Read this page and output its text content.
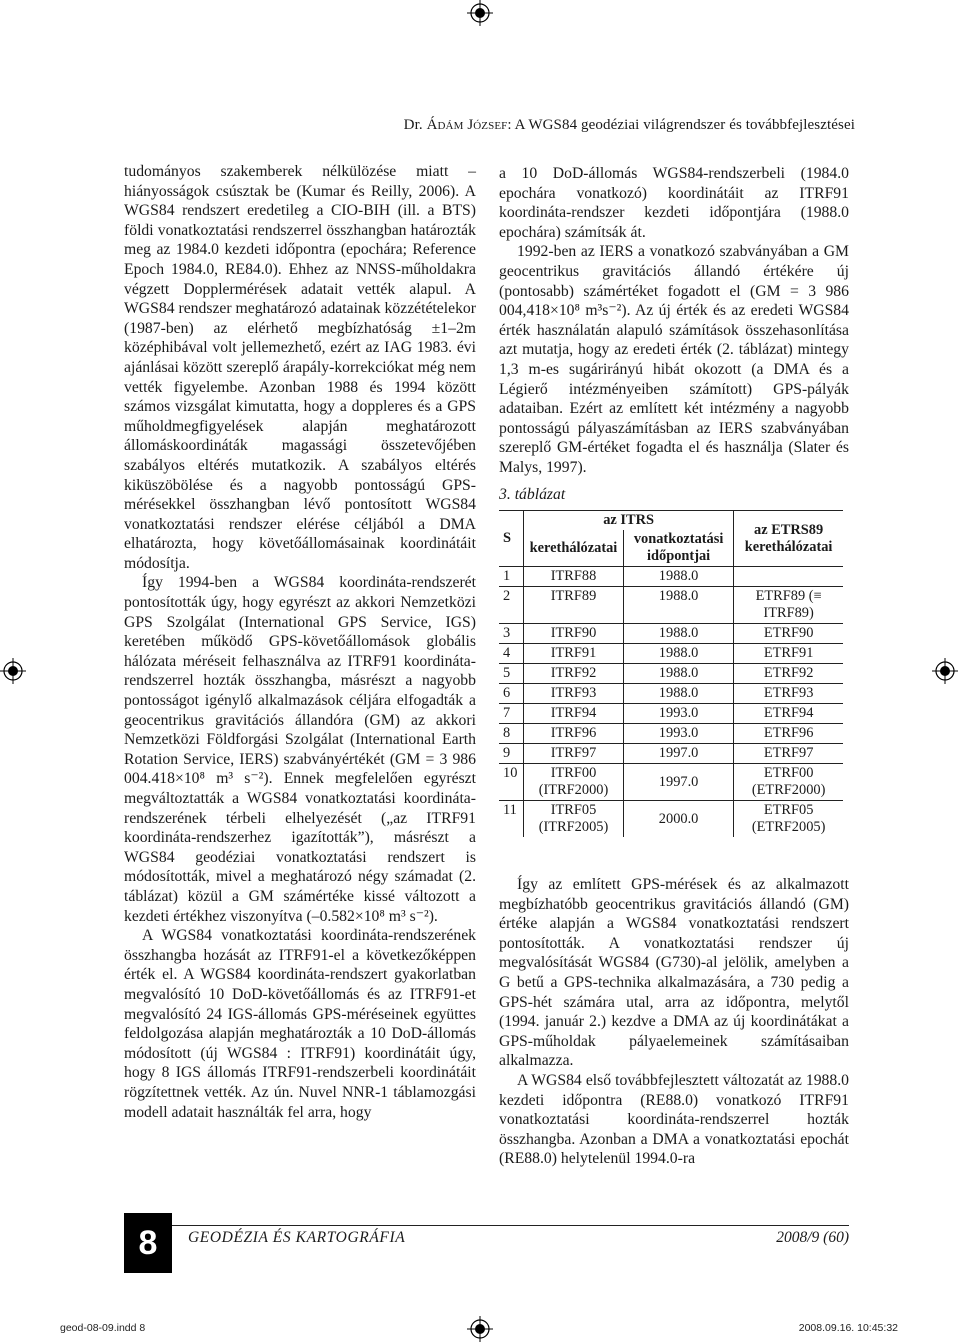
Dr. Ádám József: A WGS84 geodéziai világrendszer és továbbfejlesztései

tudományos szakemberek nélkülözése miatt – hiányosságok csúsztak be (Kumar és Reilly, 2006). A WGS84 rendszert eredetileg a CIO-BIH (ill. a BTS) földi vonatkoztatási rendszerrel összhangban határozták meg az 1984.0 kezdeti időpontra (epochára; Reference Epoch 1984.0, RE84.0). Ehhez az NNSS-műholdakra végzett Dopplermérések adatait vették alapul. A WGS84 rendszer meghatározó adatainak közzétételekor (1987-ben) az elérhető megbízhatóság ±1–2m középhibával volt jellemezhető, ezért az IAG 1983. évi ajánlásai között szereplő árapály-korrekciókat még nem vették figyelembe. Azonban 1988 és 1994 között számos vizsgálat kimutatta, hogy a doppleres és a GPS műholdmegfigyelések alapján meghatározott állomáskoordináták magassági összetevőjében szabályos eltérés mutatkozik. A szabályos eltérés kiküszöbölése és a nagyobb pontosságú GPS-mérésekkel összhangban lévő pontosított WGS84 vonatkoztatási rendszer elérése céljából a DMA elhatározta, hogy követőállomásainak koordinátáit módosítja.

Így 1994-ben a WGS84 koordináta-rendszerét pontosították úgy, hogy egyrészt az akkori Nemzetközi GPS Szolgálat (International GPS Service, IGS) keretében működő GPS-követőállomások globális hálózata méréseit felhasználva az ITRF91 koordináta-rendszerrel hozták összhangba, másrészt a nagyobb pontosságot igénylő alkalmazások céljára elfogadták a geocentrikus gravitációs állandóra (GM) az akkori Nemzetközi Földforgási Szolgálat (International Earth Rotation Service, IERS) szabványértékét (GM = 3 986 004.418×10⁸ m³ s⁻²). Ennek megfelelően egyrészt megváltoztatták a WGS84 vonatkoztatási koordináta-rendszerének térbeli elhelyezését („az ITRF91 koordináta-rendszerhez igazították”), másrészt a WGS84 geodéziai vonatkoztatási rendszert is módosították, mivel a meghatározó négy számadat (2. táblázat) közül a GM számértéke kissé változott a kezdeti értékhez viszonyítva (–0.582×10⁸ m³ s⁻²).

A WGS84 vonatkoztatási koordináta-rendszerének összhangba hozását az ITRF91-el a következőképpen érték el. A WGS84 koordináta-rendszert gyakorlatban megvalósító 10 DoD-követőállomás és az ITRF91-et megvalósító 24 IGS-állomás GPS-méréseinek együttes feldolgozása alapján meghatározták a 10 DoD-állomás módosított (új WGS84 : ITRF91) koordinátáit úgy, hogy 8 IGS állomás ITRF91-rendszerbeli koordinátáit rögzítettnek vették. Az ún. Nuvel NNR-1 táblamozgási modell adatait használták fel arra, hogy

a 10 DoD-állomás WGS84-rendszerbeli (1984.0 epochára vonatkozó) koordinátáit az ITRF91 koordináta-rendszer kezdeti időpontjára (1988.0 epochára) számítsák át.

1992-ben az IERS a vonatkozó szabványában a GM geocentrikus gravitációs állandó értékére új (pontosabb) számértéket fogadott el (GM = 3 986 004,418×10⁸ m³s⁻²). Az új érték és az eredeti WGS84 érték használatán alapuló számítások összehasonlítása azt mutatja, hogy az eredeti érték (2. táblázat) mintegy 1,3 m-es sugárirányú hibát okozott (a DMA és a Légierő intézményeiben számított) GPS-pályák adataiban. Ezért az említett két intézmény a nagyobb pontosságú pályaszámításban az IERS szabványában szereplő GM-értéket fogadta el és használja (Slater és Malys, 1997).

3. táblázat
S	az ITRS		az ETRS89 kerethálózatai
	kerethálózatai	vonatkoztatási időpontjai	
1	ITRF88	1988.0	
2	ITRF89	1988.0	ETRF89 (≡ ITRF89)
3	ITRF90	1988.0	ETRF90
4	ITRF91	1988.0	ETRF91
5	ITRF92	1988.0	ETRF92
6	ITRF93	1988.0	ETRF93
7	ITRF94	1993.0	ETRF94
8	ITRF96	1993.0	ETRF96
9	ITRF97	1997.0	ETRF97
10	ITRF00 (ITRF2000)	1997.0	ETRF00 (ETRF2000)
11	ITRF05 (ITRF2005)	2000.0	ETRF05 (ETRF2005)

Így az említett GPS-mérések és az alkalmazott megbízhatóbb geocentrikus gravitációs állandó (GM) értéke alapján a WGS84 vonatkoztatási rendszert pontosították. A vonatkoztatási rendszer új megvalósítását WGS84 (G730)-al jelölik, amelyben a G betű a GPS-technika alkalmazására, a 730 pedig a GPS-hét számára utal, arra az időpontra, melytől (1994. január 2.) kezdve a DMA az új koordinátákat a GPS-műholdak pályaelemeinek számításaiban alkalmazza.

A WGS84 első továbbfejlesztett változatát az 1988.0 kezdeti időpontra (RE88.0) vonatkozó ITRF91 vonatkoztatási koordináta-rendszerrel hozták összhangba. Azonban a DMA a vonatkoztatási epochát (RE88.0) helytelenül 1994.0-ra

8	GEODÉZIA ÉS KARTOGRÁFIA	2008/9 (60)
geod-08-09.indd 8	2008.09.16. 10:45:32
